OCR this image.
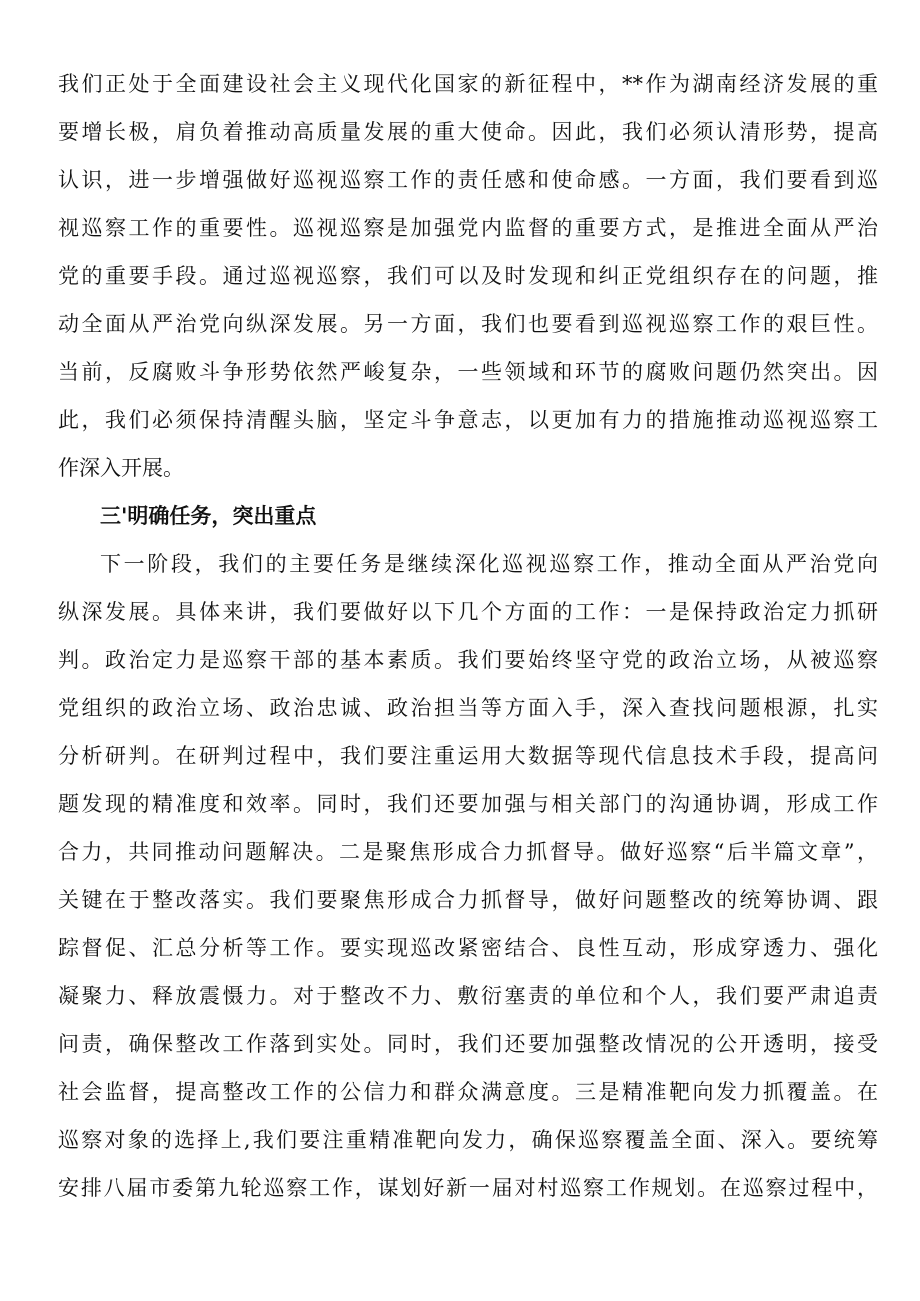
我们正处于全面建设社会主义现代化国家的新征程中，**作为湖南经济发展的重
要增长极，肩负着推动高质量发展的重大使命。因此，我们必须认清形势，提高
认识，进一步增强做好巡视巡察工作的责任感和使命感。一方面，我们要看到巡
视巡察工作的重要性。巡视巡察是加强党内监督的重要方式，是推进全面从严治
党的重要手段。通过巡视巡察，我们可以及时发现和纠正党组织存在的问题，推
动全面从严治党向纵深发展。另一方面，我们也要看到巡视巡察工作的艰巨性。
当前，反腐败斗争形势依然严峻复杂，一些领域和环节的腐败问题仍然突出。因
此，我们必须保持清醒头脑，坚定斗争意志，以更加有力的措施推动巡视巡察工
作深入开展。
三'明确任务，突出重点
下一阶段，我们的主要任务是继续深化巡视巡察工作，推动全面从严治党向
纵深发展。具体来讲，我们要做好以下几个方面的工作：一是保持政治定力抓研
判。政治定力是巡察干部的基本素质。我们要始终坚守党的政治立场，从被巡察
党组织的政治立场、政治忠诚、政治担当等方面入手，深入查找问题根源，扎实
分析研判。在研判过程中，我们要注重运用大数据等现代信息技术手段，提高问
题发现的精准度和效率。同时，我们还要加强与相关部门的沟通协调，形成工作
合力，共同推动问题解决。二是聚焦形成合力抓督导。做好巡察“后半篇文章”，
关键在于整改落实。我们要聚焦形成合力抓督导，做好问题整改的统筹协调、跟
踪督促、汇总分析等工作。要实现巡改紧密结合、良性互动，形成穿透力、强化
凝聚力、释放震慑力。对于整改不力、敷衍塞责的单位和个人，我们要严肃追责
问责，确保整改工作落到实处。同时，我们还要加强整改情况的公开透明，接受
社会监督，提高整改工作的公信力和群众满意度。三是精准靶向发力抓覆盖。在
巡察对象的选择上,我们要注重精准靶向发力，确保巡察覆盖全面、深入。要统筹
安排八届市委第九轮巡察工作，谋划好新一届对村巡察工作规划。在巡察过程中，
